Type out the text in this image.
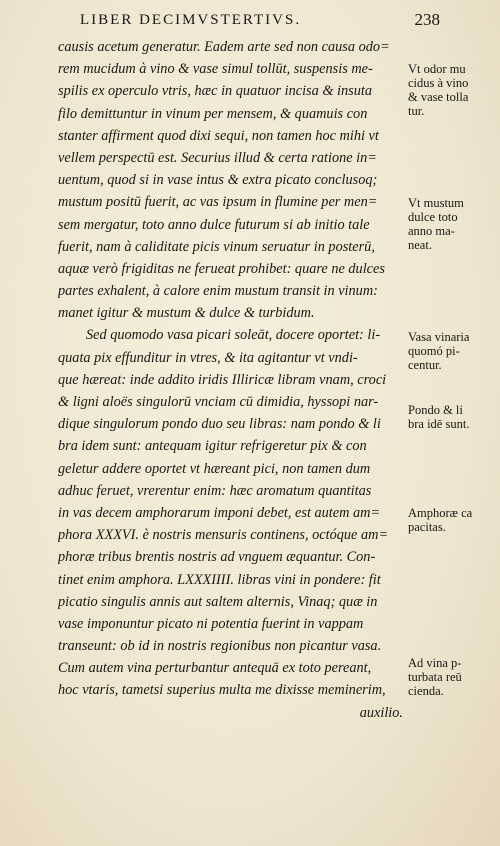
LIBER DECIMVSTERTIVS.	238
causis acetum generatur. Eadem arte sed non causa odo=
rem mucidum à vino & vase simul tollūt, suspensis me-
spilis ex operculo vtris, hæc in quatuor incisa & insuta
filo demittuntur in vinum per mensem, & quamuis con
stanter affirment quod dixi sequi, non tamen hoc mihi vt
vellem perspectū est. Securius illud & certa ratione in=
uentum, quod si in vase intus & extra picato conclusoq;
mustum positū fuerit, ac vas ipsum in flumine per men=
sem mergatur, toto anno dulce futurum si ab initio tale
fuerit, nam à caliditate picis vinum seruatur in posterū,
aquæ verò frigiditas ne ferueat prohibet: quare ne dulces
partes exhalent, à calore enim mustum transit in vinum:
manet igitur & mustum & dulce & turbidum.
Sed quomodo vasa picari soleāt, docere oportet: li-
quata pix effunditur in vtres, & ita agitantur vt vndi-
que hæreat: inde addito iridis Illiricæ libram vnam, croci
& ligni aloës singulorū vnciam cū dimidia, hyssopi nar-
dique singulorum pondo duo seu libras: nam pondo & li
bra idem sunt: antequam igitur refrigeretur pix & con
geletur addere oportet vt hæreant pici, non tamen dum
adhuc feruet, vrerentur enim: hæc aromatum quantitas
in vas decem amphorarum imponi debet, est autem am=
phora XXXVI. è nostris mensuris continens, octóque am=
phoræ tribus brentis nostris ad vnguem æquantur. Con-
tinet enim amphora. LXXXIIII. libras vini in pondere: fit
picatio singulis annis aut saltem alternis, Vinaq; quæ in
vase imponuntur picato ni potentia fuerint in vappam
transeunt: ob id in nostris regionibus non picantur vasa.
Cum autem vina perturbantur antequā ex toto pereant,
hoc vtaris, tametsi superius multa me dixisse meminerim,
auxilio.
Vt odor mu
cidus à vino
& vase tolla
tur.
Vt mustum
dulce toto
anno ma-
neat.
Vasa vinaria
quomó pi-
centur.
Pondo & li
bra idē sunt.
Amphoræ ca
pacitas.
Ad vina p-
turbata reū
cienda.
